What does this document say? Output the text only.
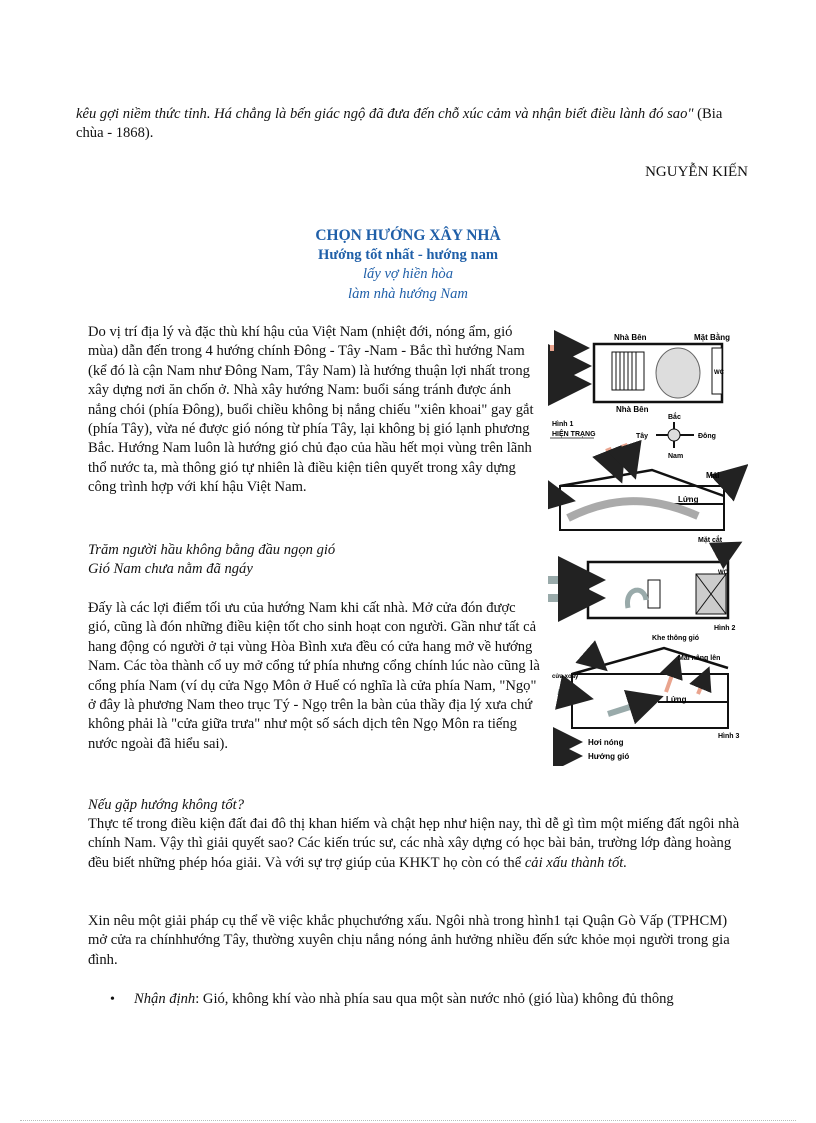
kêu gợi niềm thức tỉnh. Há chẳng là bến giác ngộ đã đưa đến chỗ xúc cảm và nhận biết điều lành đó sao" (Bia chùa - 1868).

NGUYỄN KIẾN
CHỌN HƯỚNG XÂY NHÀ
Hướng tốt nhất - hướng nam
lấy vợ hiền hòa
làm nhà hướng Nam

Do vị trí địa lý và đặc thù khí hậu của Việt Nam (nhiệt đới, nóng ẩm, gió mùa) dẫn đến trong 4 hướng chính Đông - Tây -Nam - Bắc thì hướng Nam (kể đó là cận Nam như Đông Nam, Tây Nam) là hướng thuận lợi nhất trong xây dựng nơi ăn chốn ở. Nhà xây hướng Nam: buổi sáng tránh được ánh nắng chói (phía Đông), buổi chiều không bị nắng chiếu "xiên khoai" gay gắt (phía Tây), vừa né được gió nóng từ phía Tây, lại không bị gió lạnh phương Bắc. Hướng Nam luôn là hướng gió chủ đạo của hầu hết mọi vùng trên lãnh thổ nước ta, mà thông gió tự nhiên là điều kiện tiên quyết trong xây dựng công trình hợp với khí hậu Việt Nam.

Trăm người hầu không bằng đầu ngọn gió
Gió Nam chưa nằm đã ngáy

Đấy là các lợi điểm tối ưu của hướng Nam khi cất nhà. Mở cửa đón được gió, cũng là đón những điều kiện tốt cho sinh hoạt con người. Gần như tất cả hang động có người ở tại vùng Hòa Bình xưa đều có cửa hang mở về hướng Nam. Các tòa thành cổ uy mở cổng tứ phía nhưng cổng chính lúc nào cũng là cổng phía Nam (ví dụ cửa Ngọ Môn ở Huế có nghĩa là cửa phía Nam, "Ngọ" ở đây là phương Nam theo trục Tý - Ngọ trên la bàn của thầy địa lý xưa chứ không phải là "cửa giữa trưa" như một số sách dịch tên Ngọ Môn ra tiếng nước ngoài đã hiểu sai).

Nếu gặp hướng không tốt?

Thực tế trong điều kiện đất đai đô thị khan hiếm và chật hẹp như hiện nay, thì dễ gì tìm một miếng đất ngôi nhà chính Nam. Vậy thì giải quyết sao? Các kiến trúc sư, các nhà xây dựng có học bài bản, trường lớp đàng hoàng đều biết những phép hóa giải. Và với sự trợ giúp của KHKT họ còn có thể cải xấu thành tốt.

Xin nêu một giải pháp cụ thể về việc khắc phụchướng xấu. Ngôi nhà trong hình1 tại Quận Gò Vấp (TPHCM) mở cửa ra chínhhướng Tây, thường xuyên chịu nắng nóng ảnh hưởng nhiều đến sức khỏe mọi người trong gia đình.

• Nhận định: Gió, không khí vào nhà phía sau qua một sàn nước nhỏ (gió lùa) không đủ thông
Nhà Bên	Mặt Bằng
WC
Nhà Bên
Hình 1
HIỆN TRẠNG
Bắc
Tây	Đông
Nam
Mái
Lửng
Mặt cắt
WC
Hình 2
Khe thông gió
Mái nâng lên
cửa xoay
Lửng
Hình 3
Hơi nóng
Hướng gió
